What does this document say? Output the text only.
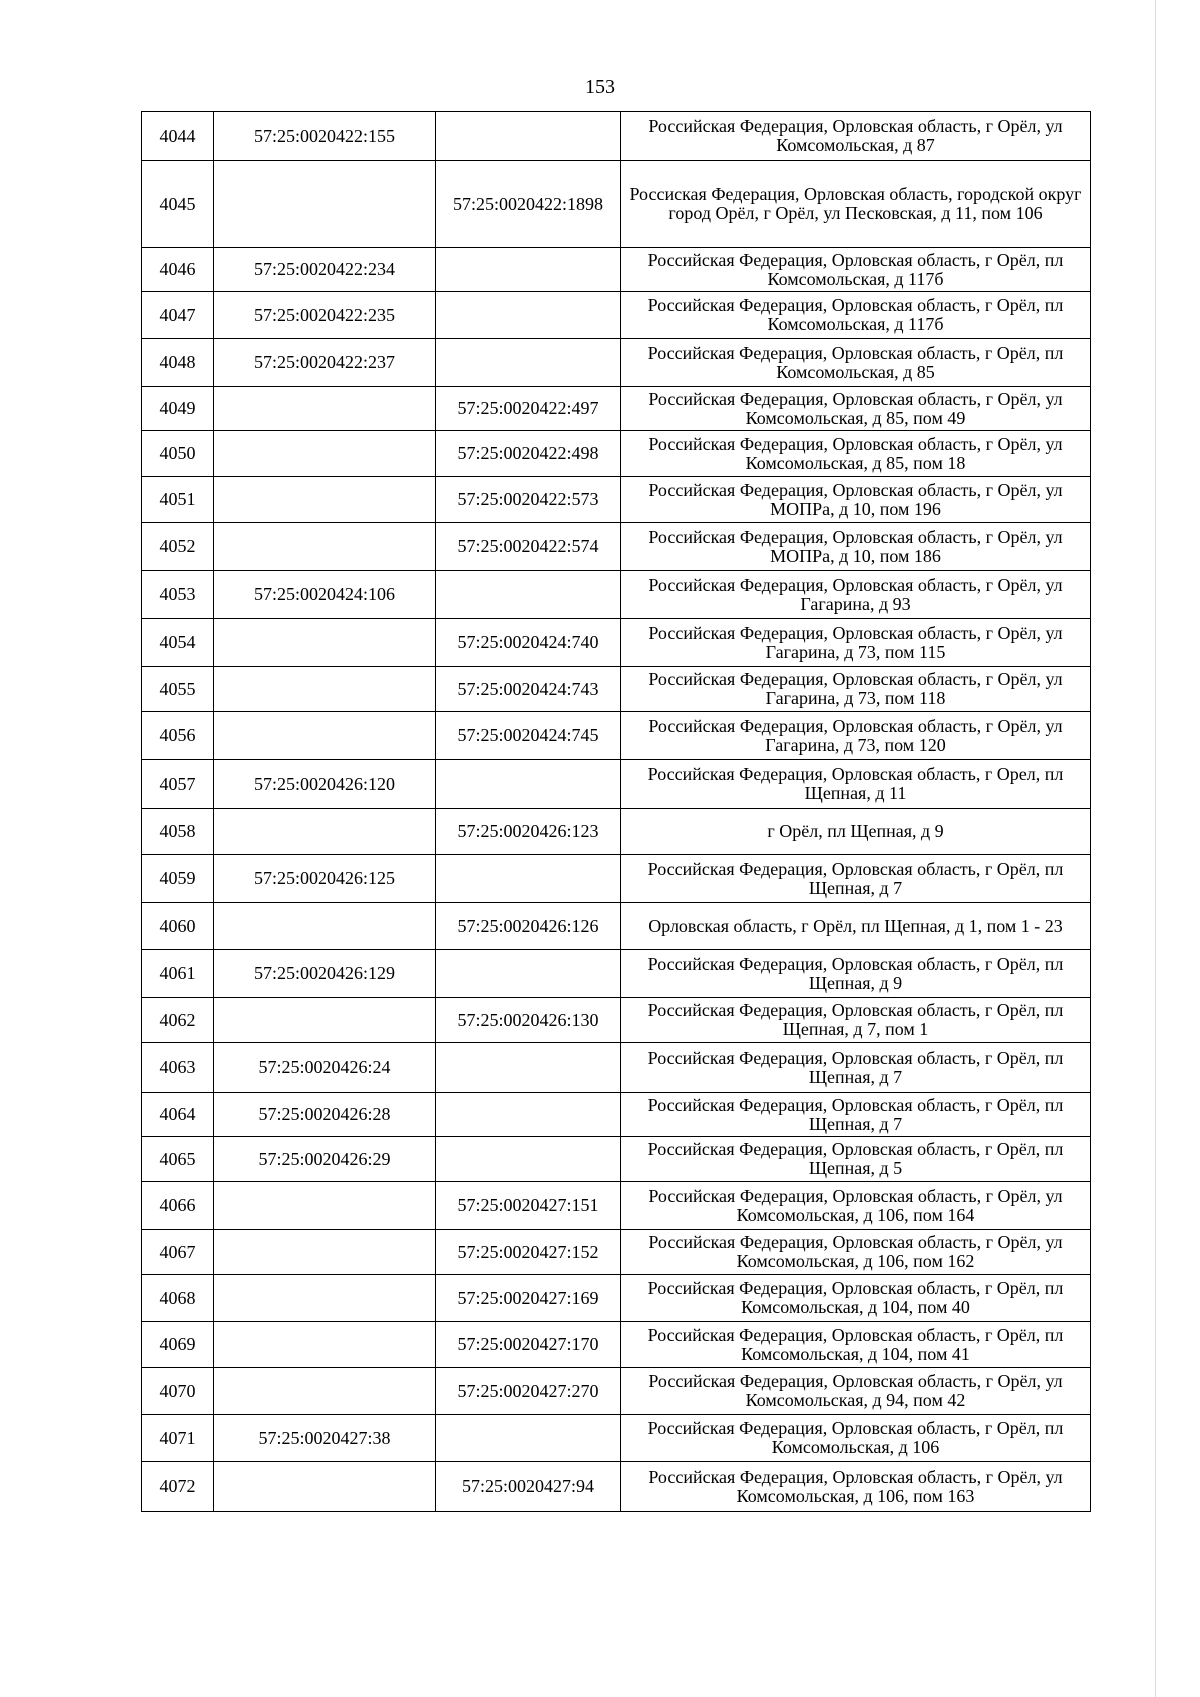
153
4044	57:25:0020422:155		Российская Федерация, Орловская область, г Орёл, ул Комсомольская, д 87
4045		57:25:0020422:1898	Россиская Федерация, Орловская область, городской округ город Орёл, г Орёл, ул Песковская, д 11, пом 106
4046	57:25:0020422:234		Российская Федерация, Орловская область, г Орёл, пл Комсомольская, д 117б
4047	57:25:0020422:235		Российская Федерация, Орловская область, г Орёл, пл Комсомольская, д 117б
4048	57:25:0020422:237		Российская Федерация, Орловская область, г Орёл, пл Комсомольская, д 85
4049		57:25:0020422:497	Российская Федерация, Орловская область, г Орёл, ул Комсомольская, д 85, пом 49
4050		57:25:0020422:498	Российская Федерация, Орловская область, г Орёл, ул Комсомольская, д 85, пом 18
4051		57:25:0020422:573	Российская Федерация, Орловская область, г Орёл, ул МОПРа, д 10, пом 196
4052		57:25:0020422:574	Российская Федерация, Орловская область, г Орёл, ул МОПРа, д 10, пом 186
4053	57:25:0020424:106		Российская Федерация, Орловская область, г Орёл, ул Гагарина, д 93
4054		57:25:0020424:740	Российская Федерация, Орловская область, г Орёл, ул Гагарина, д 73, пом 115
4055		57:25:0020424:743	Российская Федерация, Орловская область, г Орёл, ул Гагарина, д 73, пом 118
4056		57:25:0020424:745	Российская Федерация, Орловская область, г Орёл, ул Гагарина, д 73, пом 120
4057	57:25:0020426:120		Российская Федерация, Орловская область, г Орел, пл Щепная, д 11
4058		57:25:0020426:123	г Орёл, пл Щепная, д 9
4059	57:25:0020426:125		Российская Федерация, Орловская область, г Орёл, пл Щепная, д 7
4060		57:25:0020426:126	Орловская область, г Орёл, пл Щепная, д 1, пом 1 - 23
4061	57:25:0020426:129		Российская Федерация, Орловская область, г Орёл, пл Щепная, д 9
4062		57:25:0020426:130	Российская Федерация, Орловская область, г Орёл, пл Щепная, д 7, пом 1
4063	57:25:0020426:24		Российская Федерация, Орловская область, г Орёл, пл Щепная, д 7
4064	57:25:0020426:28		Российская Федерация, Орловская область, г Орёл, пл Щепная, д 7
4065	57:25:0020426:29		Российская Федерация, Орловская область, г Орёл, пл Щепная, д 5
4066		57:25:0020427:151	Российская Федерация, Орловская область, г Орёл, ул Комсомольская, д 106, пом 164
4067		57:25:0020427:152	Российская Федерация, Орловская область, г Орёл, ул Комсомольская, д 106, пом 162
4068		57:25:0020427:169	Российская Федерация, Орловская область, г Орёл, пл Комсомольская, д 104, пом 40
4069		57:25:0020427:170	Российская Федерация, Орловская область, г Орёл, пл Комсомольская, д 104, пом 41
4070		57:25:0020427:270	Российская Федерация, Орловская область, г Орёл, ул Комсомольская, д 94, пом 42
4071	57:25:0020427:38		Российская Федерация, Орловская область, г Орёл, пл Комсомольская, д 106
4072		57:25:0020427:94	Российская Федерация, Орловская область, г Орёл, ул Комсомольская, д 106, пом 163
